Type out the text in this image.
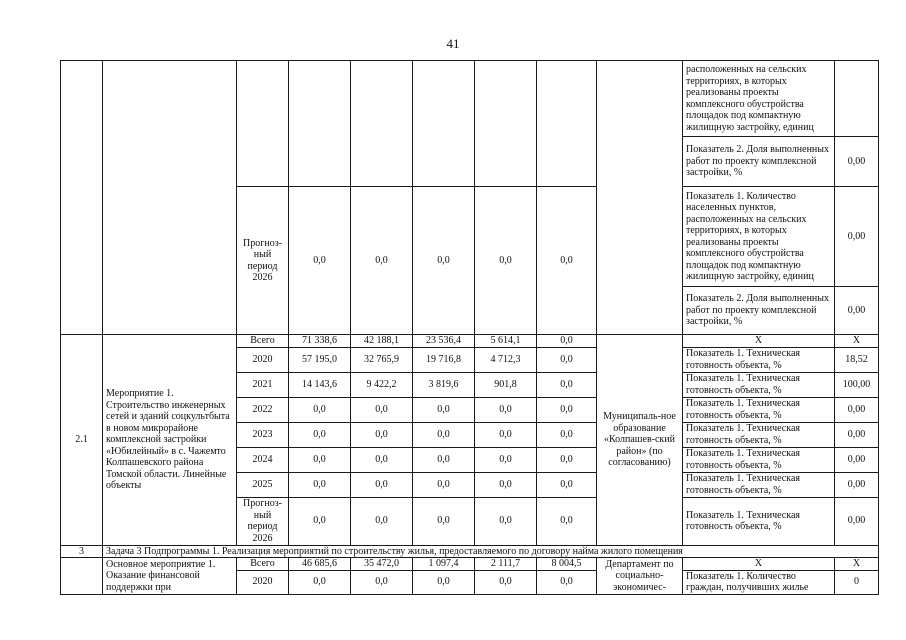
41
									расположенных на сельских территориях, в которых реализованы проекты комплексного обустройства площадок под компактную жилищную застройку, единиц	
									Показатель 2. Доля выполненных работ по проекту комплексной застройки, %	0,00
		Прогноз-ный период 2026	0,0	0,0	0,0	0,0	0,0		Показатель 1. Количество населенных пунктов, расположенных на сельских территориях, в которых реализованы проекты комплексного обустройства площадок под компактную жилищную застройку, единиц	0,00
									Показатель 2. Доля выполненных работ по проекту комплексной застройки, %	0,00
2.1	Мероприятие 1. Строительство инженерных сетей и зданий соцкультбыта в новом микрорайоне комплексной застройки «Юбилейный» в с. Чажемто Колпашевского района Томской области. Линейные объекты	Всего	71 338,6	42 188,1	23 536,4	5 614,1	0,0	Муниципаль-ное образование «Колпашев-ский район» (по согласованию)	Х	Х
		2020	57 195,0	32 765,9	19 716,8	4 712,3	0,0		Показатель 1. Техническая готовность объекта, %	18,52
		2021	14 143,6	9 422,2	3 819,6	901,8	0,0		Показатель 1. Техническая готовность объекта, %	100,00
		2022	0,0	0,0	0,0	0,0	0,0		Показатель 1. Техническая готовность объекта, %	0,00
		2023	0,0	0,0	0,0	0,0	0,0		Показатель 1. Техническая готовность объекта, %	0,00
		2024	0,0	0,0	0,0	0,0	0,0		Показатель 1. Техническая готовность объекта, %	0,00
		2025	0,0	0,0	0,0	0,0	0,0		Показатель 1. Техническая готовность объекта, %	0,00
		Прогноз-ный период 2026	0,0	0,0	0,0	0,0	0,0		Показатель 1. Техническая готовность объекта, %	0,00
3	Задача 3 Подпрограммы 1. Реализация мероприятий по строительству жилья, предоставляемого по договору найма жилого помещения									
	Основное мероприятие 1. Оказание финансовой поддержки при	Всего	46 685,6	35 472,0	1 097,4	2 111,7	8 004,5	Департамент по социально-экономичес-	Х	Х
		2020	0,0	0,0	0,0	0,0	0,0		Показатель 1. Количество граждан, получивших жилье	0
